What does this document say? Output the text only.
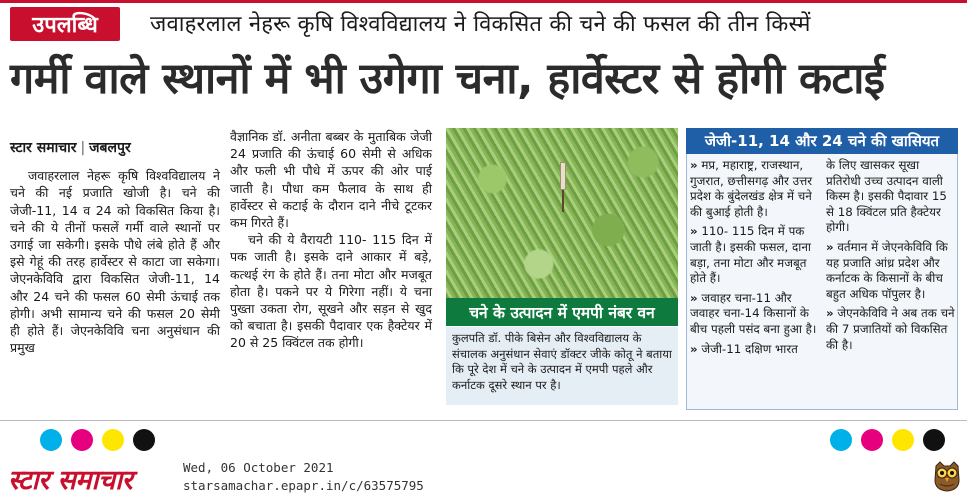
उपलब्धि	जवाहरलाल नेहरू कृषि विश्वविद्यालय ने विकसित की चने की फसल की तीन किस्में
गर्मी वाले स्थानों में भी उगेगा चना, हार्वेस्टर से होगी कटाई
स्टार समाचार | जबलपुर

जवाहरलाल नेहरू कृषि विश्वविद्यालय ने चने की नई प्रजाति खोजी है। चने की जेजी-11, 14 व 24 को विकसित किया है। चने की ये तीनों फसलें गर्मी वाले स्थानों पर उगाई जा सकेगी। इसके पौधे लंबे होते हैं और इसे गेहूं की तरह हार्वेस्टर से काटा जा सकेगा। जेएनकेविवि द्वारा विकसित जेजी-11, 14 और 24 चने की फसल 60 सेमी ऊंचाई तक होगी। अभी सामान्य चने की फसल 20 सेमी ही होते हैं। जेएनकेविवि चना अनुसंधान की प्रमुख

वैज्ञानिक डॉ. अनीता बब्बर के मुताबिक जेजी 24 प्रजाति की ऊंचाई 60 सेमी से अधिक और फली भी पौधे में ऊपर की ओर पाई जाती है। पौधा कम फैलाव के साथ ही हार्वेस्टर से कटाई के दौरान दाने नीचे टूटकर कम गिरते हैं।

चने की ये वैरायटी 110- 115 दिन में पक जाती है। इसके दाने आकार में बड़े, कत्थई रंग के होते हैं। तना मोटा और मजबूत होता है। पकने पर ये गिरेगा नहीं। ये चना पुख्ता उकता रोग, सूखने और सड़न से खुद को बचाता है। इसकी पैदावार एक हैक्टेयर में 20 से 25 क्विंटल तक होगी।

चने के उत्पादन में एमपी नंबर वन
कुलपति डॉ. पीके बिसेन और विश्वविद्यालय के संचालक अनुसंधान सेवाएं डॉक्टर जीके कोतू ने बताया कि पूरे देश में चने के उत्पादन में एमपी पहले और कर्नाटक दूसरे स्थान पर है।
जेजी-11, 14 और 24 चने की खासियत
» मप्र, महाराष्ट्र, राजस्थान, गुजरात, छत्तीसगढ़ और उत्तर प्रदेश के बुंदेलखंड क्षेत्र में चने की बुआई होती है।
» 110- 115 दिन में पक जाती है। इसकी फसल, दाना बड़ा, तना मोटा और मजबूत होते हैं।
» जवाहर चना-11 और जवाहर चना-14 किसानों के बीच पहली पसंद बना हुआ है।
» जेजी-11 दक्षिण भारत
के लिए खासकर सूखा प्रतिरोधी उच्च उत्पादन वाली किस्म है। इसकी पैदावार 15 से 18 क्विंटल प्रति हैक्टेयर होगी।
» वर्तमान में जेएनकेविवि कि यह प्रजाति आंध्र प्रदेश और कर्नाटक के किसानों के बीच बहुत अधिक पॉपुलर है।
» जेएनकेविवि ने अब तक चने की 7 प्रजातियों को विकसित की है।
स्टार समाचार	Wed, 06 October 2021
starsamachar.epapr.in/c/63575795
